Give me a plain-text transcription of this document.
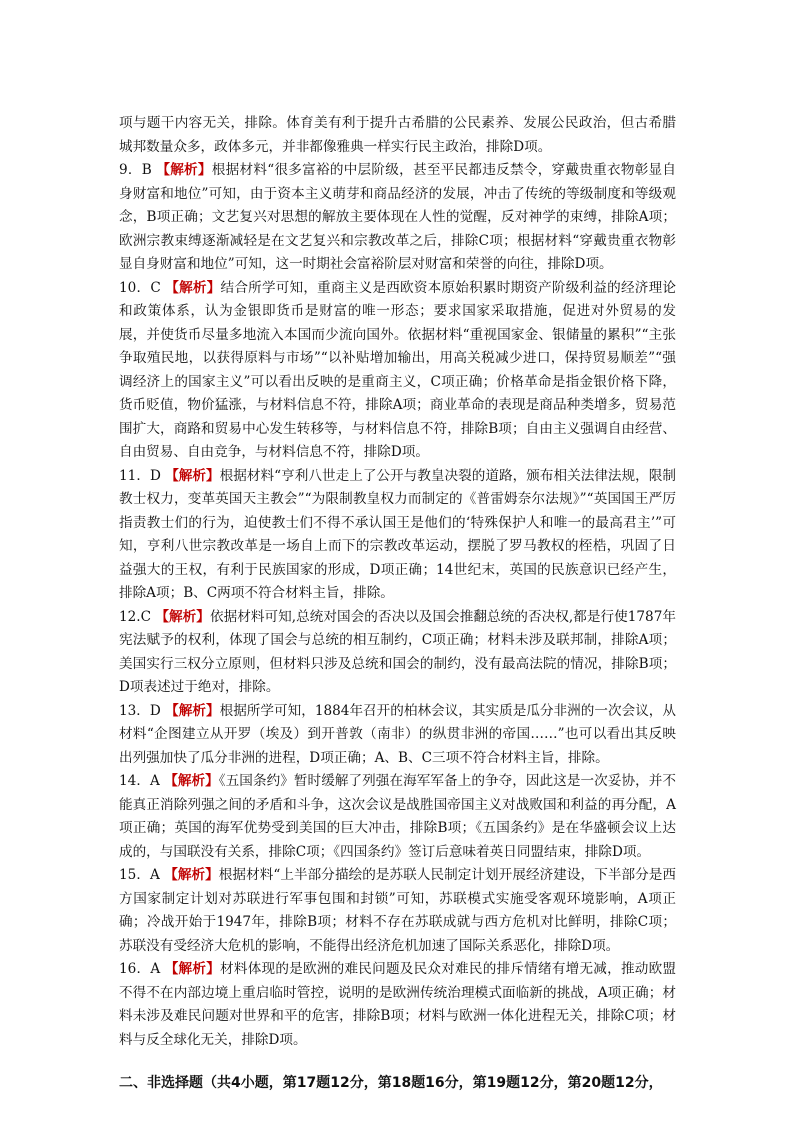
项与题干内容无关，排除。体育美有利于提升古希腊的公民素养、发展公民政治，但古希腊城邦数量众多，政体多元，并非都像雅典一样实行民主政治，排除D项。

9．B 【解析】根据材料“很多富裕的中层阶级，甚至平民都违反禁令，穿戴贵重衣物彰显自身财富和地位”可知，由于资本主义萌芽和商品经济的发展，冲击了传统的等级制度和等级观念，B项正确；文艺复兴对思想的解放主要体现在人性的觉醒，反对神学的束缚，排除A项；欧洲宗教束缚逐渐减轻是在文艺复兴和宗教改革之后，排除C项；根据材料“穿戴贵重衣物彰显自身财富和地位”可知，这一时期社会富裕阶层对财富和荣誉的向往，排除D项。

10．C 【解析】结合所学可知，重商主义是西欧资本原始积累时期资产阶级利益的经济理论和政策体系，认为金银即货币是财富的唯一形态；要求国家采取措施，促进对外贸易的发展，并使货币尽量多地流入本国而少流向国外。依据材料“重视国家金、银储量的累积”“主张争取殖民地，以获得原料与市场”“以补贴增加输出，用高关税减少进口，保持贸易顺差”“强调经济上的国家主义”可以看出反映的是重商主义，C项正确；价格革命是指金银价格下降，货币贬值，物价猛涨，与材料信息不符，排除A项；商业革命的表现是商品种类增多，贸易范围扩大，商路和贸易中心发生转移等，与材料信息不符，排除B项；自由主义强调自由经营、自由贸易、自由竞争，与材料信息不符，排除D项。

11．D 【解析】根据材料“亨利八世走上了公开与教皇决裂的道路，颁布相关法律法规，限制教士权力，变革英国天主教会”“为限制教皇权力而制定的《普雷姆奈尔法规》”“英国国王严厉指责教士们的行为，迫使教士们不得不承认国王是他们的‘特殊保护人和唯一的最高君主’”可知，亨利八世宗教改革是一场自上而下的宗教改革运动，摆脱了罗马教权的桎梏，巩固了日益强大的王权，有利于民族国家的形成，D项正确；14世纪末，英国的民族意识已经产生，排除A项；B、C两项不符合材料主旨，排除。

12.C 【解析】依据材料可知,总统对国会的否决以及国会推翻总统的否决权,都是行使1787年宪法赋予的权利，体现了国会与总统的相互制约，C项正确；材料未涉及联邦制，排除A项；美国实行三权分立原则，但材料只涉及总统和国会的制约，没有最高法院的情况，排除B项；D项表述过于绝对，排除。

13．D 【解析】根据所学可知，1884年召开的柏林会议，其实质是瓜分非洲的一次会议，从材料“企图建立从开罗（埃及）到开普敦（南非）的纵贯非洲的帝国……”也可以看出其反映出列强加快了瓜分非洲的进程，D项正确；A、B、C三项不符合材料主旨，排除。

14．A 【解析】《五国条约》暂时缓解了列强在海军军备上的争夺，因此这是一次妥协，并不能真正消除列强之间的矛盾和斗争，这次会议是战胜国帝国主义对战败国和利益的再分配，A项正确；英国的海军优势受到美国的巨大冲击，排除B项；《五国条约》是在华盛顿会议上达成的，与国联没有关系，排除C项；《四国条约》签订后意味着英日同盟结束，排除D项。

15．A 【解析】根据材料“上半部分描绘的是苏联人民制定计划开展经济建设，下半部分是西方国家制定计划对苏联进行军事包围和封锁”可知，苏联模式实施受客观环境影响，A项正确；冷战开始于1947年，排除B项；材料不存在苏联成就与西方危机对比鲜明，排除C项；苏联没有受经济大危机的影响，不能得出经济危机加速了国际关系恶化，排除D项。

16．A 【解析】材料体现的是欧洲的难民问题及民众对难民的排斥情绪有增无减，推动欧盟不得不在内部边境上重启临时管控，说明的是欧洲传统治理模式面临新的挑战，A项正确；材料未涉及难民问题对世界和平的危害，排除B项；材料与欧洲一体化进程无关，排除C项；材料与反全球化无关，排除D项。

二、非选择题（共4小题，第17题12分，第18题16分，第19题12分，第20题12分，
